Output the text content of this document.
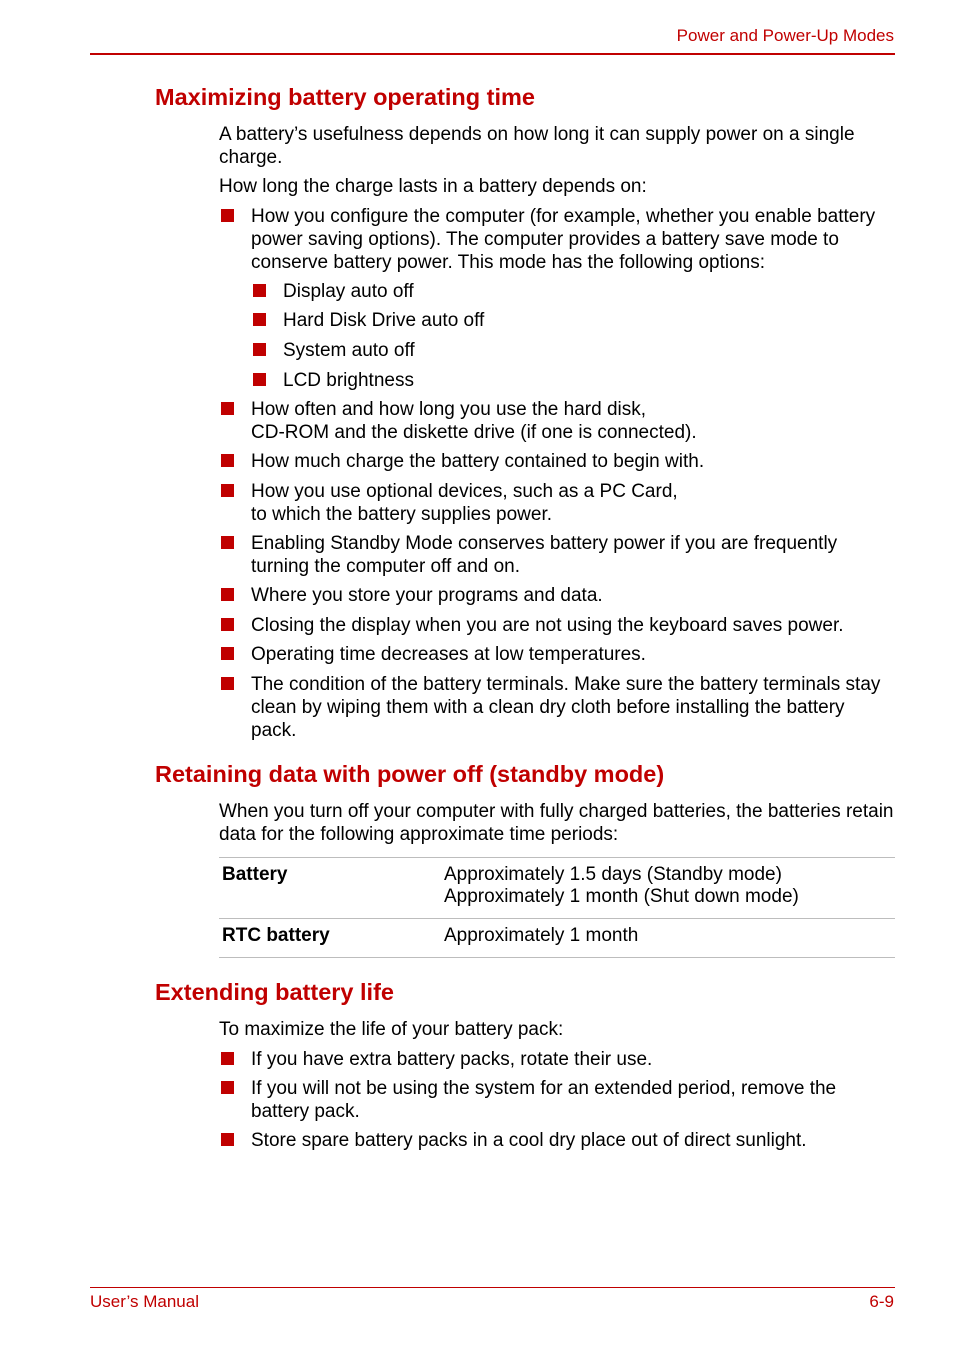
Power and Power-Up Modes
Maximizing battery operating time

A battery’s usefulness depends on how long it can supply power on a single charge.

How long the charge lasts in a battery depends on:

How you configure the computer (for example, whether you enable battery power saving options). The computer provides a battery save mode to conserve battery power. This mode has the following options:
Display auto off
Hard Disk Drive auto off
System auto off
LCD brightness
How often and how long you use the hard disk,
CD-ROM and the diskette drive (if one is connected).
How much charge the battery contained to begin with.
How you use optional devices, such as a PC Card,
to which the battery supplies power.
Enabling Standby Mode conserves battery power if you are frequently turning the computer off and on.
Where you store your programs and data.
Closing the display when you are not using the keyboard saves power.
Operating time decreases at low temperatures.
The condition of the battery terminals. Make sure the battery terminals stay clean by wiping them with a clean dry cloth before installing the battery pack.
Retaining data with power off (standby mode)

When you turn off your computer with fully charged batteries, the batteries retain data for the following approximate time periods:

Battery	Approximately 1.5 days (Standby mode)
Approximately 1 month (Shut down mode)
RTC battery	Approximately 1 month
Extending battery life

To maximize the life of your battery pack:

If you have extra battery packs, rotate their use.
If you will not be using the system for an extended period, remove the battery pack.
Store spare battery packs in a cool dry place out of direct sunlight.
User’s Manual	6-9
